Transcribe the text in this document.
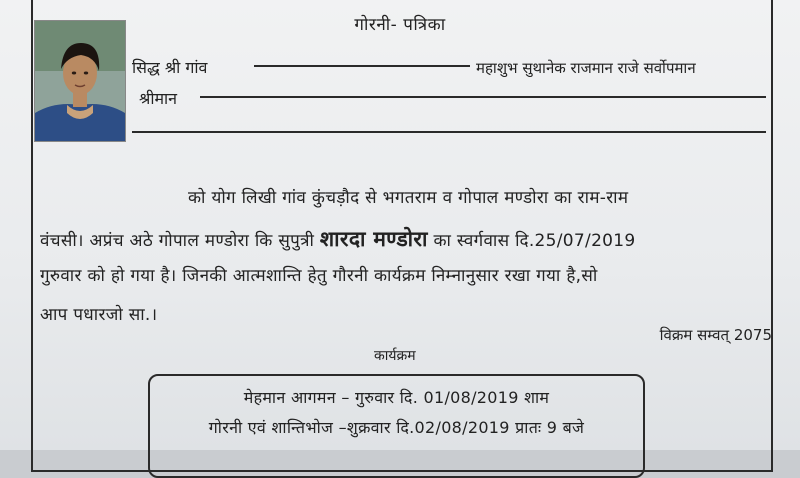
गोरनी- पत्रिका
सिद्ध श्री गांव	महाशुभ सुथानेक राजमान राजे सर्वोपमान
श्रीमान
को योग लिखी गांव कुंचड़ौद से भगतराम व गोपाल मण्डोरा का राम-राम
वंचसी। अप्रंच अठे गोपाल मण्डोरा कि सुपुत्री शारदा मण्डोरा का स्वर्गवास दि.25/07/2019
गुरुवार को हो गया है। जिनकी आत्मशान्ति हेतु गौरनी कार्यक्रम निम्नानुसार रखा गया है,सो
आप पधारजो सा.।
विक्रम सम्वत् 2075
कार्यक्रम
मेहमान आगमन – गुरुवार दि. 01/08/2019 शाम
गोरनी एवं शान्तिभोज –शुक्रवार दि.02/08/2019 प्रातः 9 बजे
